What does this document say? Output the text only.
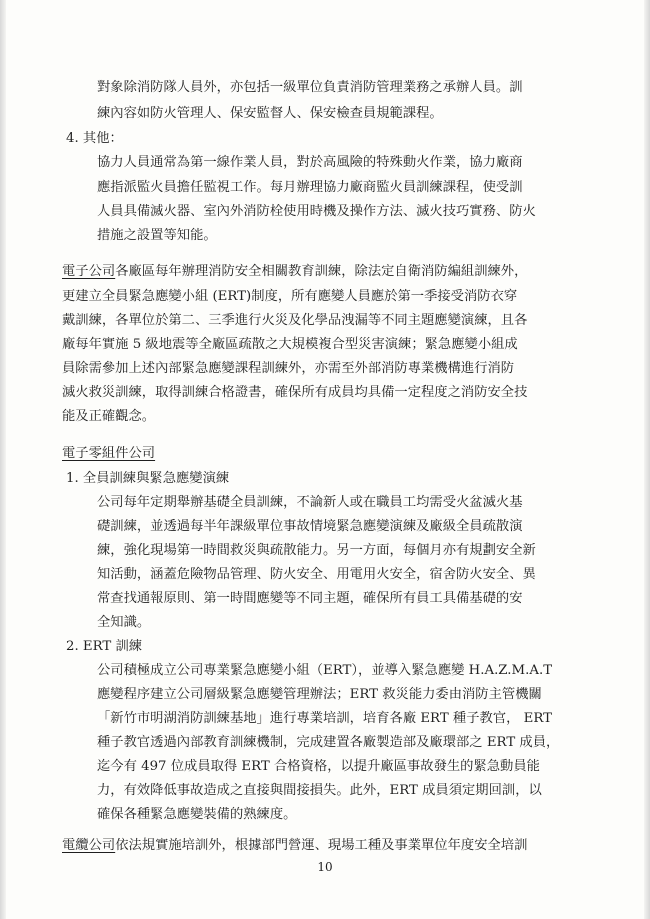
對象除消防隊人員外，亦包括一級單位負責消防管理業務之承辦人員。訓

練內容如防火管理人、保安監督人、保安檢查員規範課程。

4. 其他：

協力人員通常為第一線作業人員，對於高風險的特殊動火作業，協力廠商

應指派監火員擔任監視工作。每月辦理協力廠商監火員訓練課程，使受訓

人員具備滅火器、室內外消防栓使用時機及操作方法、滅火技巧實務、防火

措施之設置等知能。

電子公司各廠區每年辦理消防安全相關教育訓練，除法定自衛消防編組訓練外，

更建立全員緊急應變小組 (ERT)制度，所有應變人員應於第一季接受消防衣穿

戴訓練，各單位於第二、三季進行火災及化學品洩漏等不同主題應變演練，且各

廠每年實施 5 級地震等全廠區疏散之大規模複合型災害演練；緊急應變小組成

員除需參加上述內部緊急應變課程訓練外，亦需至外部消防專業機構進行消防

滅火救災訓練，取得訓練合格證書，確保所有成員均具備一定程度之消防安全技

能及正確觀念。

電子零組件公司

1. 全員訓練與緊急應變演練

公司每年定期舉辦基礎全員訓練，不論新人或在職員工均需受火盆滅火基

礎訓練，並透過每半年課級單位事故情境緊急應變演練及廠級全員疏散演

練，強化現場第一時間救災與疏散能力。另一方面，每個月亦有規劃安全新

知活動，涵蓋危險物品管理、防火安全、用電用火安全，宿舍防火安全、異

常查找通報原則、第一時間應變等不同主題，確保所有員工具備基礎的安

全知識。

2. ERT 訓練

公司積極成立公司專業緊急應變小組（ERT），並導入緊急應變 H.A.Z.M.A.T

應變程序建立公司層級緊急應變管理辦法；ERT 救災能力委由消防主管機關

「新竹市明湖消防訓練基地」進行專業培訓，培育各廠 ERT 種子教官， ERT

種子教官透過內部教育訓練機制，完成建置各廠製造部及廠環部之 ERT 成員，

迄今有 497 位成員取得 ERT 合格資格，以提升廠區事故發生的緊急動員能

力，有效降低事故造成之直接與間接損失。此外，ERT 成員須定期回訓，以

確保各種緊急應變裝備的熟練度。

電纜公司依法規實施培訓外，根據部門營運、現場工種及事業單位年度安全培訓

10
